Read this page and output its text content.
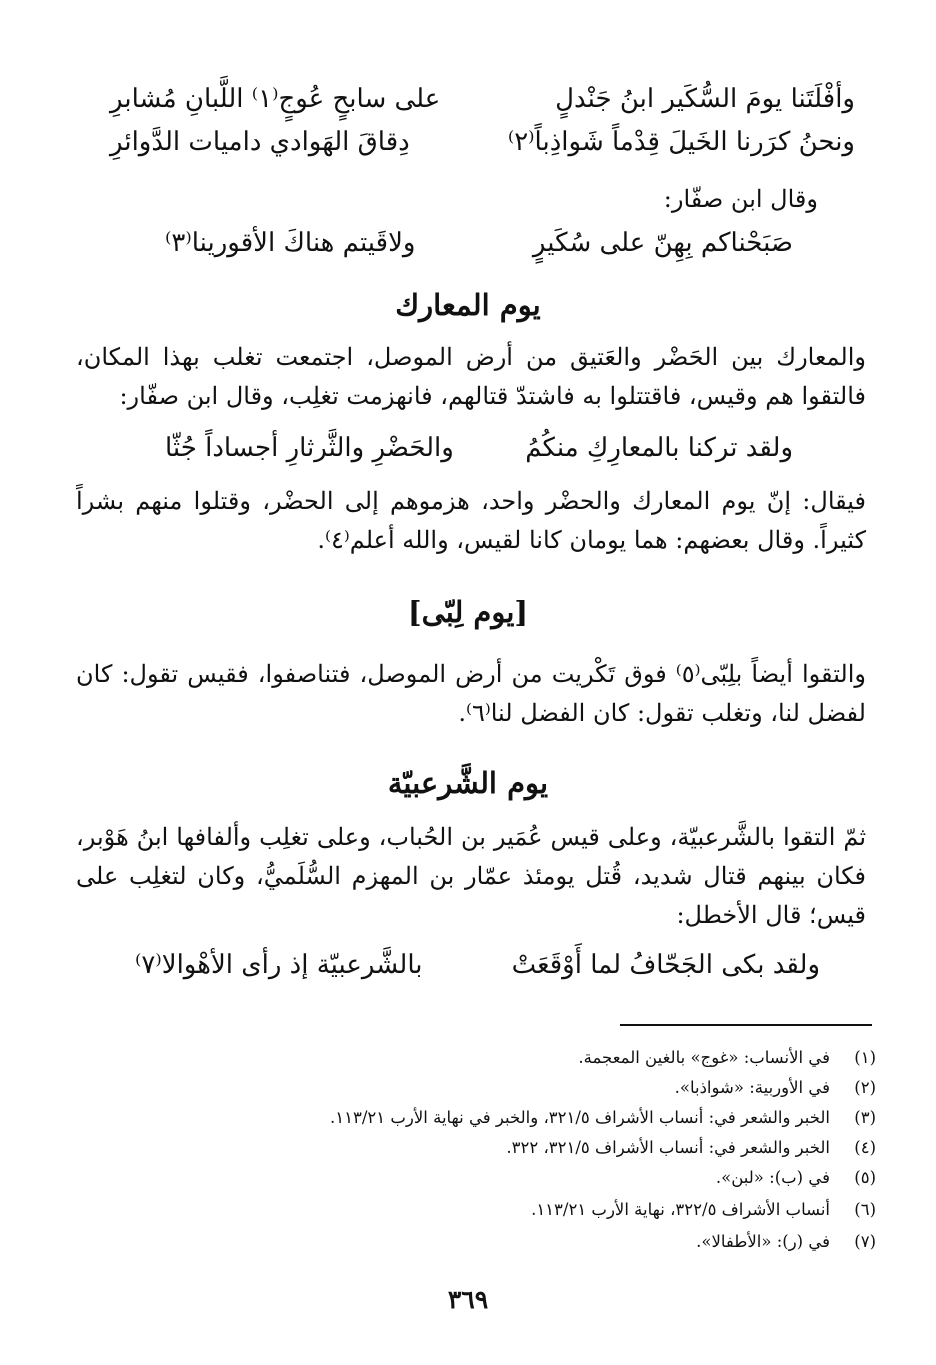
وأفْلَتَنا يومَ السُّكَير ابنُ جَنْدلٍ
على سابحٍ عُوجٍ⁽١⁾ اللَّبانِ مُشابرِ
ونحنُ كرَرنا الخَيلَ قِدْماً شَواذِباً⁽٢⁾
دِقاقَ الهَوادي داميات الدَّوائرِ
وقال ابن صفّار:
صَبَحْناكم بِهِنّ على سُكَيرٍ
ولاقَيتم هناكَ الأقورينا⁽٣⁾
يوم المعارك
والمعارك بين الحَضْر والعَتيق من أرض الموصل، اجتمعت تغلب بهذا المكان، فالتقوا هم وقيس، فاقتتلوا به فاشتدّ قتالهم، فانهزمت تغلِب، وقال ابن صفّار:
ولقد تركنا بالمعارِكِ منكُمُ
والحَضْرِ والثَّرثارِ أجساداً جُثّا
فيقال: إنّ يوم المعارك والحضْر واحد، هزموهم إلى الحضْر، وقتلوا منهم بشراً كثيراً. وقال بعضهم: هما يومان كانا لقيس، والله أعلم⁽٤⁾.
[يوم لِبّى]
والتقوا أيضاً بلِبّى⁽٥⁾ فوق تَكْريت من أرض الموصل، فتناصفوا، فقيس تقول: كان لفضل لنا، وتغلب تقول: كان الفضل لنا⁽٦⁾.
يوم الشَّرعبيّة
ثمّ التقوا بالشَّرعبيّة، وعلى قيس عُمَير بن الحُباب، وعلى تغلِب وألفافها ابنُ هَوْبر، فكان بينهم قتال شديد، قُتل يومئذ عمّار بن المهزم السُّلَميُّ، وكان لتغلِب على قيس؛ قال الأخطل:
ولقد بكى الجَحّافُ لما أَوْقَعَتْ
بالشَّرعبيّة إذ رأى الأهْوالا⁽٧⁾
(١)
في الأنساب: «غوج» بالغين المعجمة.
(٢)
في الأوربية: «شواذبا».
(٣)
الخبر والشعر في: أنساب الأشراف ٣٢١/٥، والخبر في نهاية الأرب ١١٣/٢١.
(٤)
الخبر والشعر في: أنساب الأشراف ٣٢١/٥، ٣٢٢.
(٥)
في (ب): «لبن».
(٦)
أنساب الأشراف ٣٢٢/٥، نهاية الأرب ١١٣/٢١.
(٧)
في (ر): «الأطفالا».
٣٦٩
